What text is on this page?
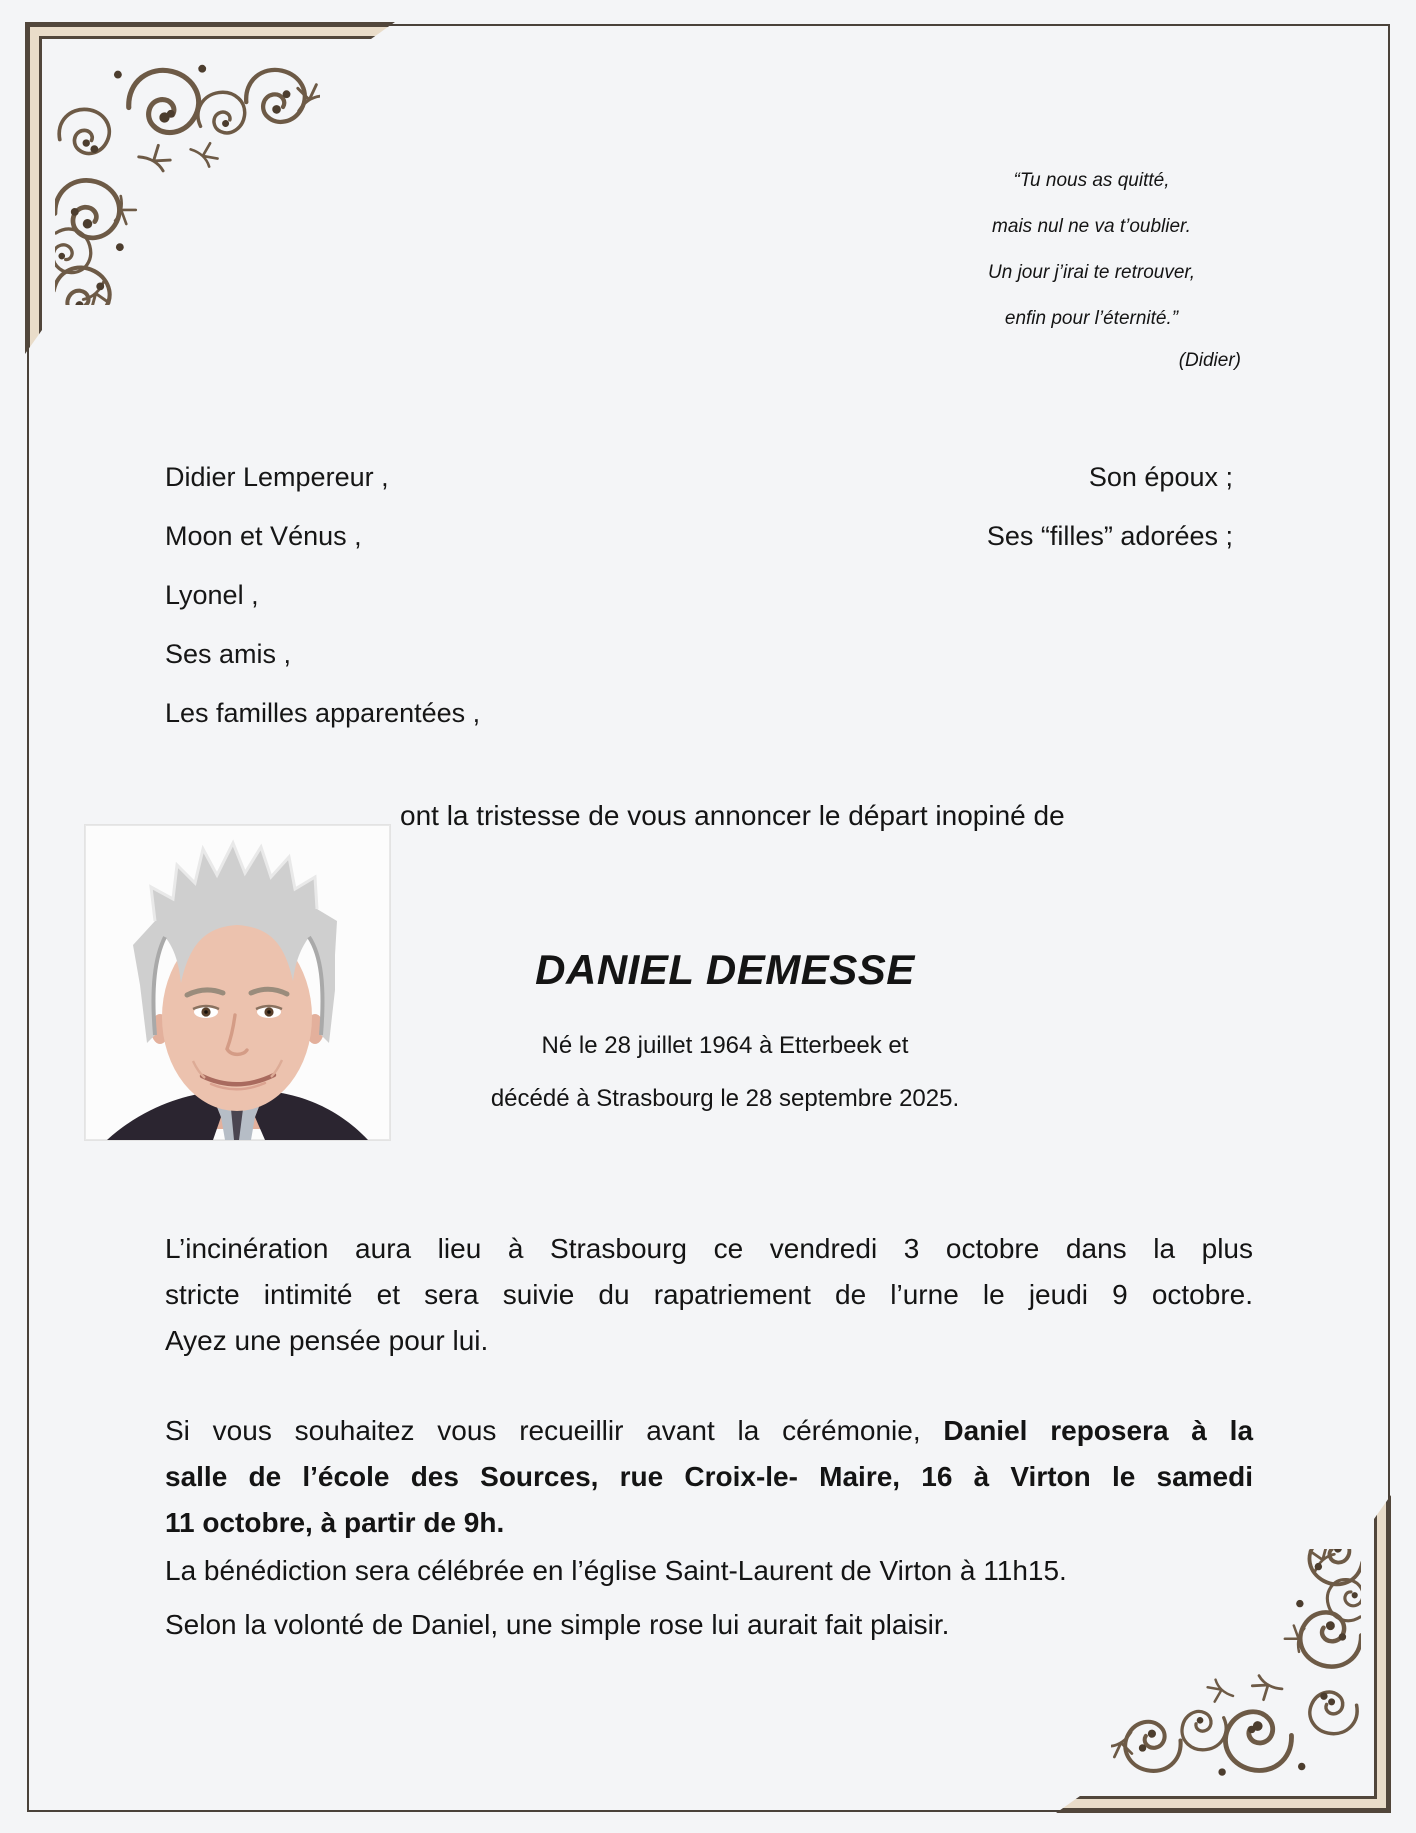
“Tu nous as quitté,
mais nul ne va t’oublier.
Un jour j’irai te retrouver,
enfin pour l’éternité.”
(Didier)
Didier Lempereur ,	Son époux ;
Moon et Vénus ,	Ses “filles” adorées ;
Lyonel ,
Ses amis ,
Les familles apparentées ,
ont la tristesse de vous annoncer le départ inopiné de
DANIEL DEMESSE
Né le 28 juillet 1964 à Etterbeek et
décédé à Strasbourg le 28 septembre 2025.
L’incinération aura lieu à Strasbourg ce vendredi 3 octobre dans la plus
stricte intimité et sera suivie du rapatriement de l’urne le jeudi 9 octobre.
Ayez une pensée pour lui.
Si vous souhaitez vous recueillir avant la cérémonie, Daniel reposera à la
salle de l’école des Sources, rue Croix-le- Maire, 16 à Virton le samedi
11 octobre, à partir de 9h.
La bénédiction sera célébrée en l’église Saint-Laurent de Virton à 11h15.
Selon la volonté de Daniel, une simple rose lui aurait fait plaisir.
